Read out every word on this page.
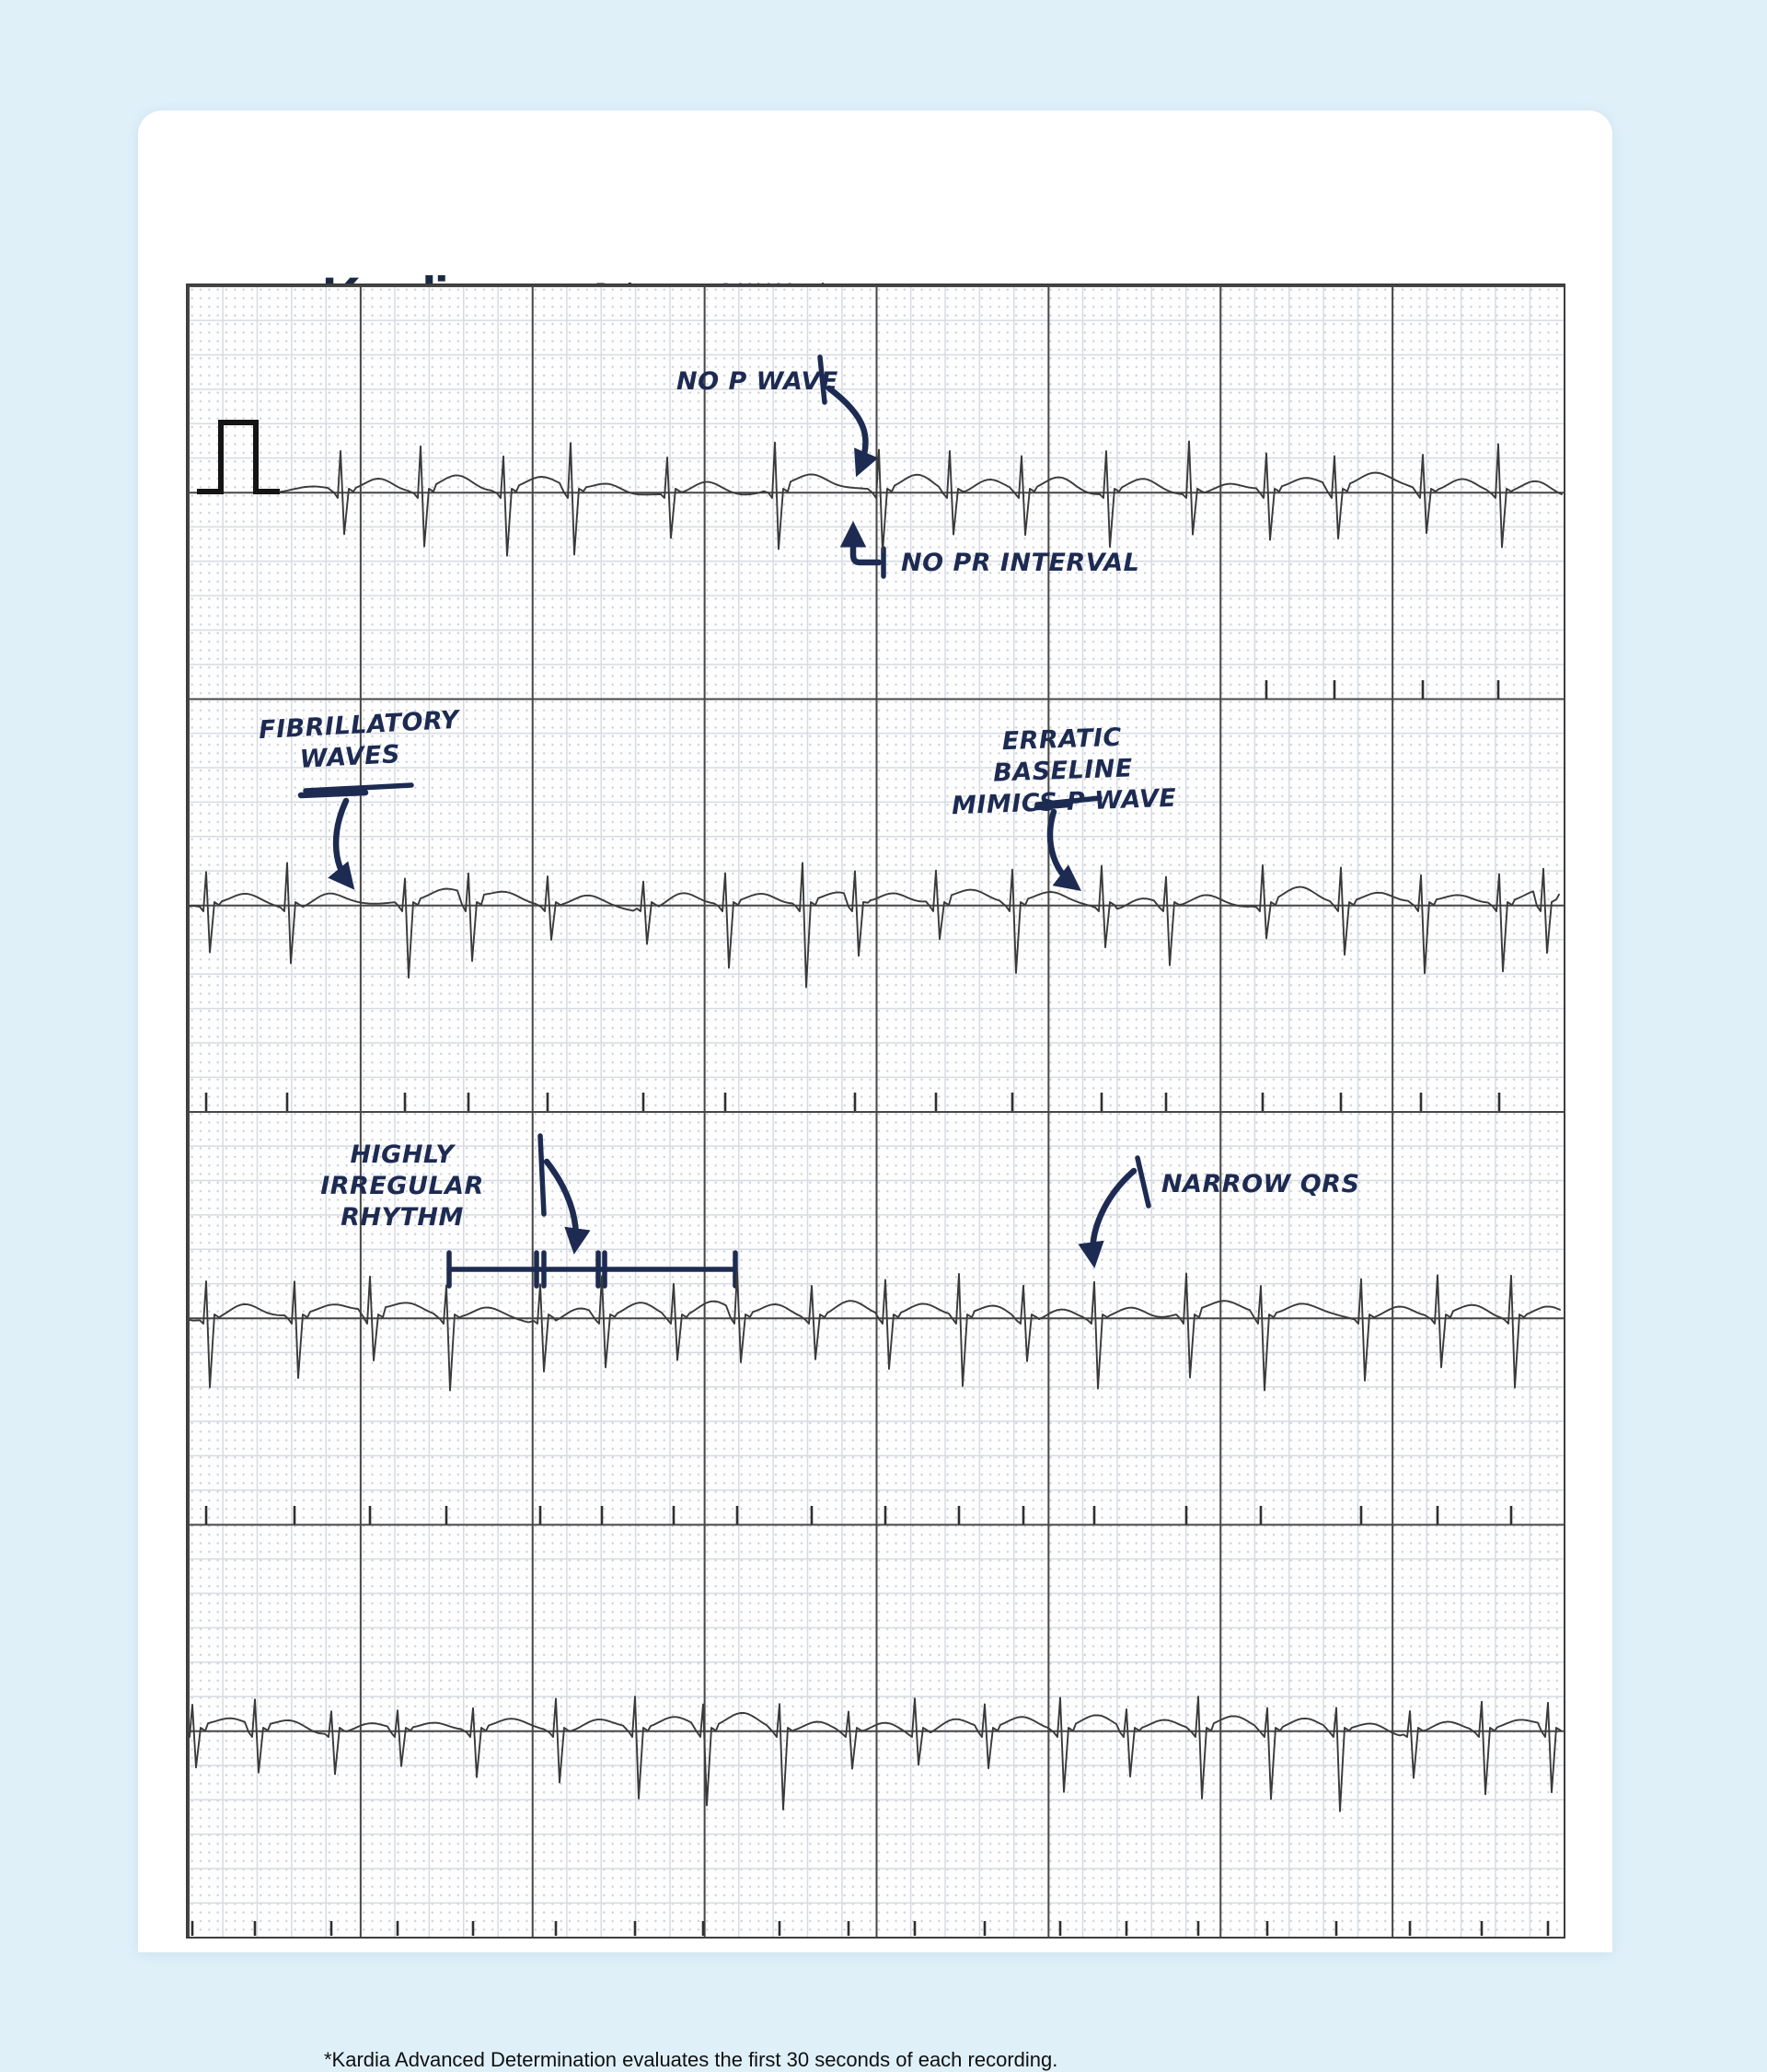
*Kardia Advanced Determination evaluates the first 30 seconds of each recording.
NO P WAVE
NO PR INTERVAL
FIBRILLATORY
WAVES
ERRATIC BASELINE
MIMICS P WAVE
HIGHLY
IRREGULAR RHYTHM
NARROW QRS
